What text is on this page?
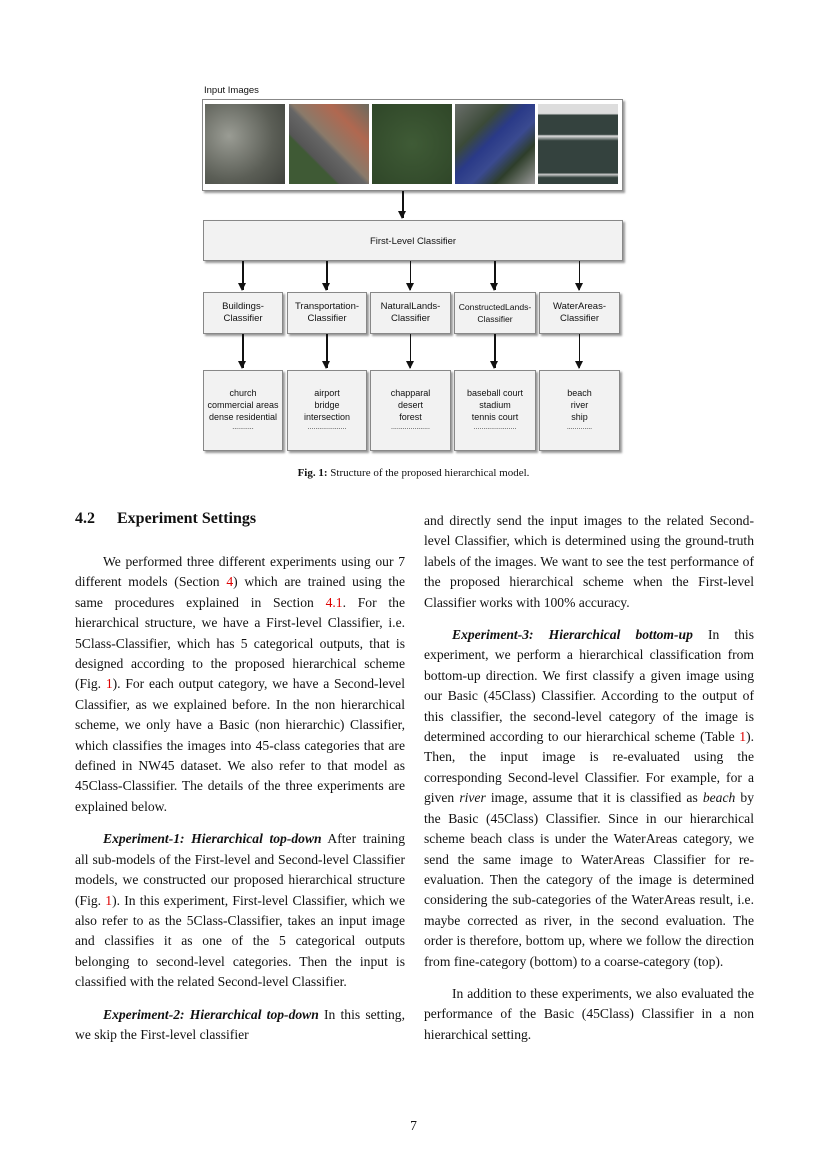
Input Images
First-Level Classifier
Buildings-
Classifier
church
commercial areas
dense residential
...........
Transportation-
Classifier
airport
bridge
intersection
....................
NaturalLands-
Classifier
chapparal
desert
forest
....................
ConstructedLands-
Classifier
baseball court
stadium
tennis court
......................
WaterAreas-
Classifier
beach
river
ship
.............
Fig. 1: Structure of the proposed hierarchical model.
4.2 Experiment Settings

We performed three different experiments using our 7 different models (Section 4) which are trained using the same procedures explained in Section 4.1. For the hierarchical structure, we have a First-level Classifier, i.e. 5Class-Classifier, which has 5 categorical outputs, that is designed according to the proposed hierarchical scheme (Fig. 1). For each output category, we have a Second-level Classifier, as we explained before. In the non hierarchical scheme, we only have a Basic (non hierarchic) Classifier, which classifies the images into 45-class categories that are defined in NW45 dataset. We also refer to that model as 45Class-Classifier. The details of the three experiments are explained below.

Experiment-1: Hierarchical top-down After training all sub-models of the First-level and Second-level Classifier models, we constructed our proposed hierarchical structure (Fig. 1). In this experiment, First-level Classifier, which we also refer to as the 5Class-Classifier, takes an input image and classifies it as one of the 5 categorical outputs belonging to second-level categories. Then the input is classified with the related Second-level Classifier.

Experiment-2: Hierarchical top-down In this setting, we skip the First-level classifier

and directly send the input images to the related Second-level Classifier, which is determined using the ground-truth labels of the images. We want to see the test performance of the proposed hierarchical scheme when the First-level Classifier works with 100% accuracy.

Experiment-3: Hierarchical bottom-up In this experiment, we perform a hierarchical classification from bottom-up direction. We first classify a given image using our Basic (45Class) Classifier. According to the output of this classifier, the second-level category of the image is determined according to our hierarchical scheme (Table 1). Then, the input image is re-evaluated using the corresponding Second-level Classifier. For example, for a given river image, assume that it is classified as beach by the Basic (45Class) Classifier. Since in our hierarchical scheme beach class is under the WaterAreas category, we send the same image to WaterAreas Classifier for re-evaluation. Then the category of the image is determined considering the sub-categories of the WaterAreas result, i.e. maybe corrected as river, in the second evaluation. The order is therefore, bottom up, where we follow the direction from fine-category (bottom) to a coarse-category (top).

In addition to these experiments, we also evaluated the performance of the Basic (45Class) Classifier in a non hierarchical setting.

7
